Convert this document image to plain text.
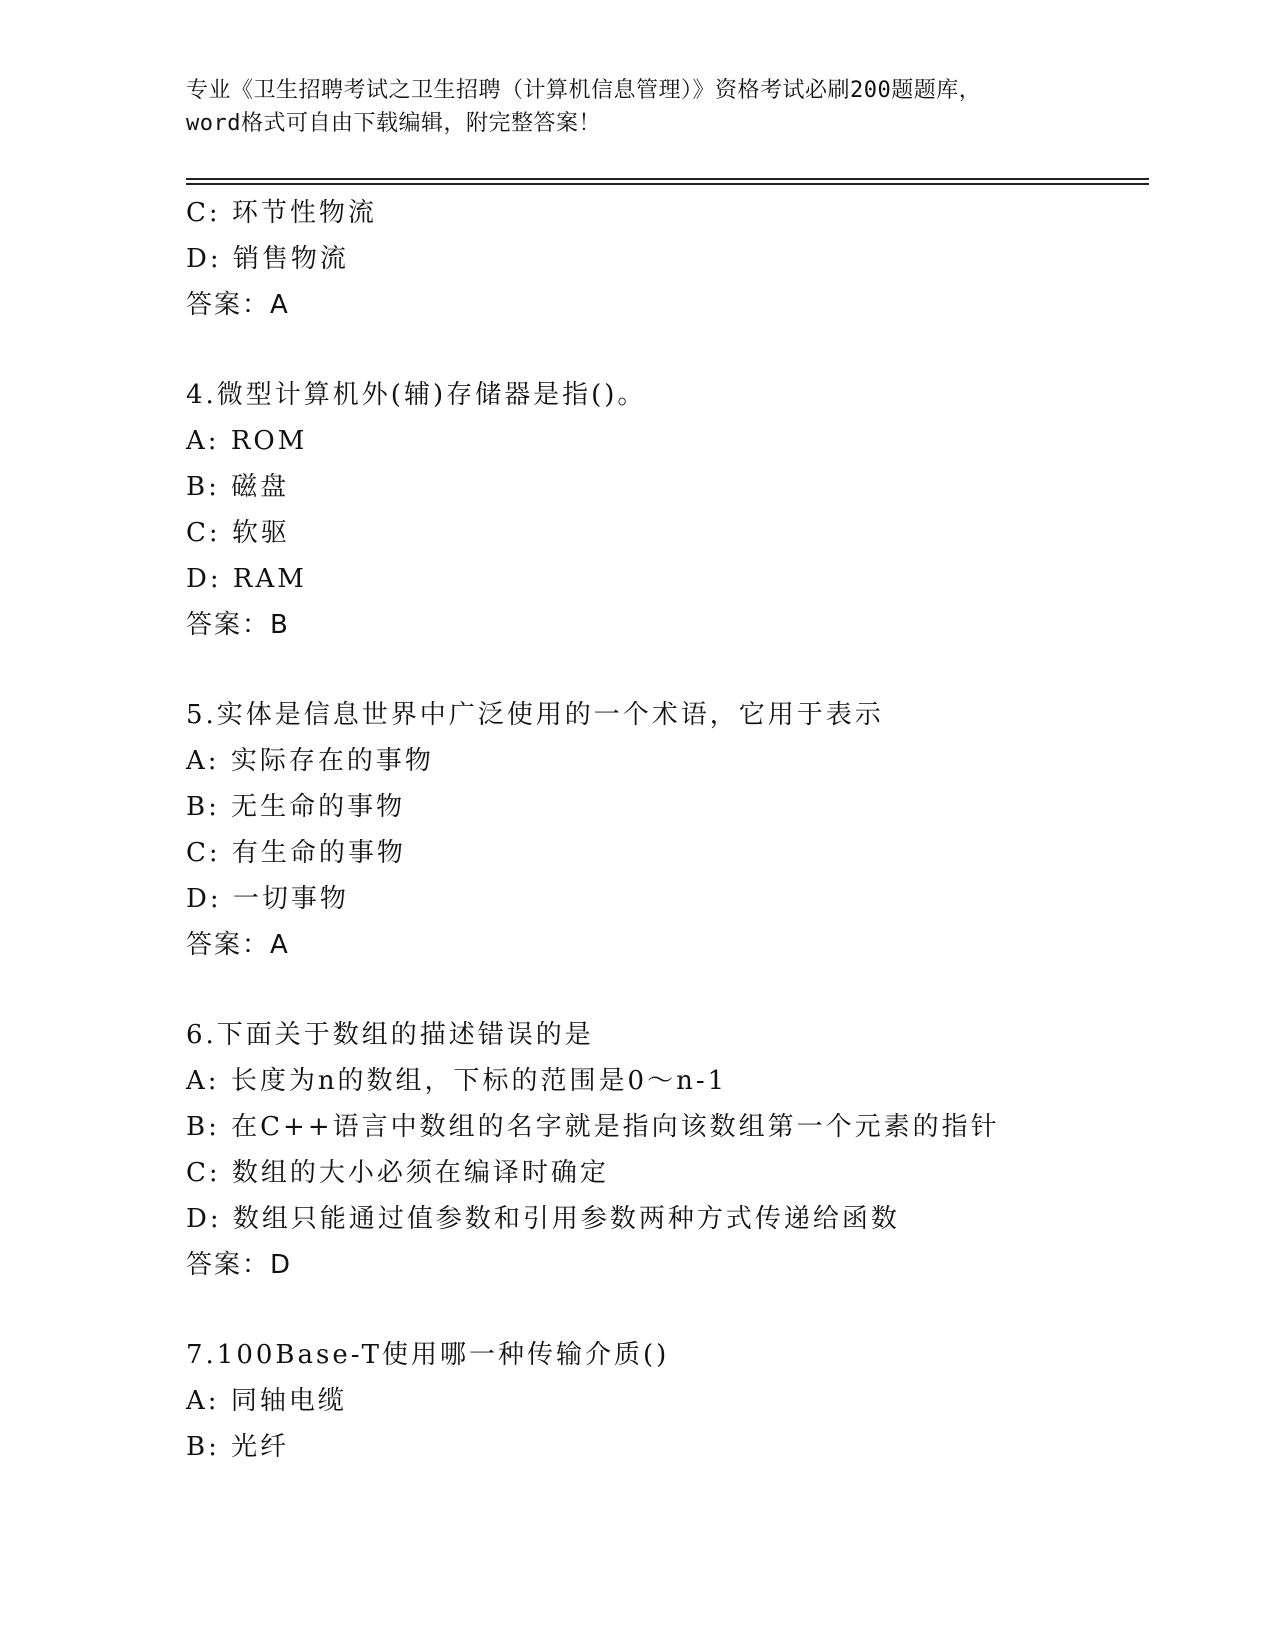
专业《卫生招聘考试之卫生招聘（计算机信息管理）》资格考试必刷200题题库，
word格式可自由下载编辑，附完整答案！
C: 环节性物流
D: 销售物流
答案：A
4.微型计算机外(辅)存储器是指()。
A: ROM
B: 磁盘
C: 软驱
D: RAM
答案：B
5.实体是信息世界中广泛使用的一个术语，它用于表示
A: 实际存在的事物
B: 无生命的事物
C: 有生命的事物
D: 一切事物
答案：A
6.下面关于数组的描述错误的是
A: 长度为n的数组，下标的范围是0～n-1
B: 在C++语言中数组的名字就是指向该数组第一个元素的指针
C: 数组的大小必须在编译时确定
D: 数组只能通过值参数和引用参数两种方式传递给函数
答案：D
7.100Base-T使用哪一种传输介质()
A: 同轴电缆
B: 光纤
